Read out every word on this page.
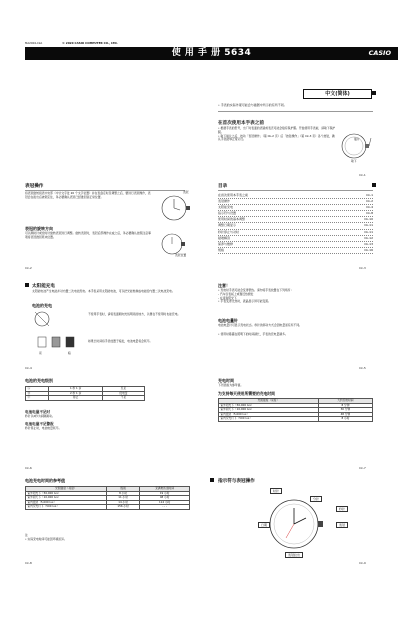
MA2004-CkA	© 2020 CASIO COMPUTER CO., LTD.
使 用 手 册 5634	CASIO
中文(简体)
• 手表的实际外观可能会与插图中所示的有所不同。
在首次使用本手表之前
• 根据手表的型号，出厂时表面的表镜或表壳可能会贴有保护膜。开始使用手表前，请取下保护膜。
• 取下插片之后，按动「表冠操作」（第 Ck-2 页）后「按钮操作」（第 Ck-3 页）各个按钮，确认手表能够正常运行。	插片
取下
Ck-1
表冠操作
将表冠旋转到表中央部（中计文字处 20 个文字位置）并在表盘定时及调整之后，要进行表冠操作，表冠会在拔出后被锁定住，务必要确认表冠已经推回到正常位置。
表冠
表冠的旋转方向
可以顺时针或逆时针旋转表冠进行调整。旋转表冠时，表冠后部操作完成之后，务必要确认按照注意事项将表冠推回原来位置。
表冠位置
Ck-2
目录
在首次使用本手表之前	Ck-1
表冠操作	Ck-2
太阳能充电	Ck-4
指示符与设置	Ck-8
使用时间的基本调整	Ck-10
调整日期显示	Ck-11
秒针停止与对时	Ck-11
疑难解答	Ck-12
保养与维修	Ck-13
规格	Ck-16
Ck-3
太阳能充电
太阳能电池产生电能并对内置二次电池充电。本手表采用太阳能电池，可以把光能转换成电能给内置二次电池充电。
电池的充电
不使用手表时，请将表面朝向光线明亮的地方，以便在不使用时也能充电。
亮	暗
如果长时间将手表放置于暗处，电池电量将会耗尽。
Ck-4
注意！
• 充电时手表可能会变得很热。请勿将手表放置在下列场所：
- 汽车仪表板上或靠近热源处
- 在直射阳光下
• 手表变得过热时，液晶显示屏可能变黑。
电池电量针
电池电量针可显示充电状态。秒针的移动方式会因电量而有所不同。
• 使用时暴露在照明下的时间越长，手表的充电量越多。
Ck-5
电池的充电级别
Ⓐ	1 秒 1 步	充足
Ⓑ	2 秒 1 步	低电量
Ⓒ	停止	不足
电池电量不足时
秒针以2秒为间隔跳动。
电池电量不足警报
秒针停止时，电池电量耗尽。
Ck-6
充电时间
下列表格为参考值。
为支持每天使用所需要的充电时间
光照强度（亮度）	大约充电时间
室外阳光下（50,000 lux）	8 分钟
室外阴天下（10,000 lux）	30 分钟
室内窗边（5,000 lux）	48 分钟
室内荧光灯下（500 lux）	8 小时
Ck-7
电池充电时间的参考值
光照强度（亮度）	级别	充满电所需时间
室外阳光下（50,000 lux）	8 小时	19 小时
室外阴天下（10,000 lux）	11 小时	48 小时
室内窗边（5,000 lux）	14 小时	114 小时
室内荧光灯下（500 lux）	156 小时	- - -
注
• 实际充电时间可能因环境而异。
Ck-8
指示符与表冠操作
时针
分针
秒针
表冠
日期
表冠拉出
Ck-9
